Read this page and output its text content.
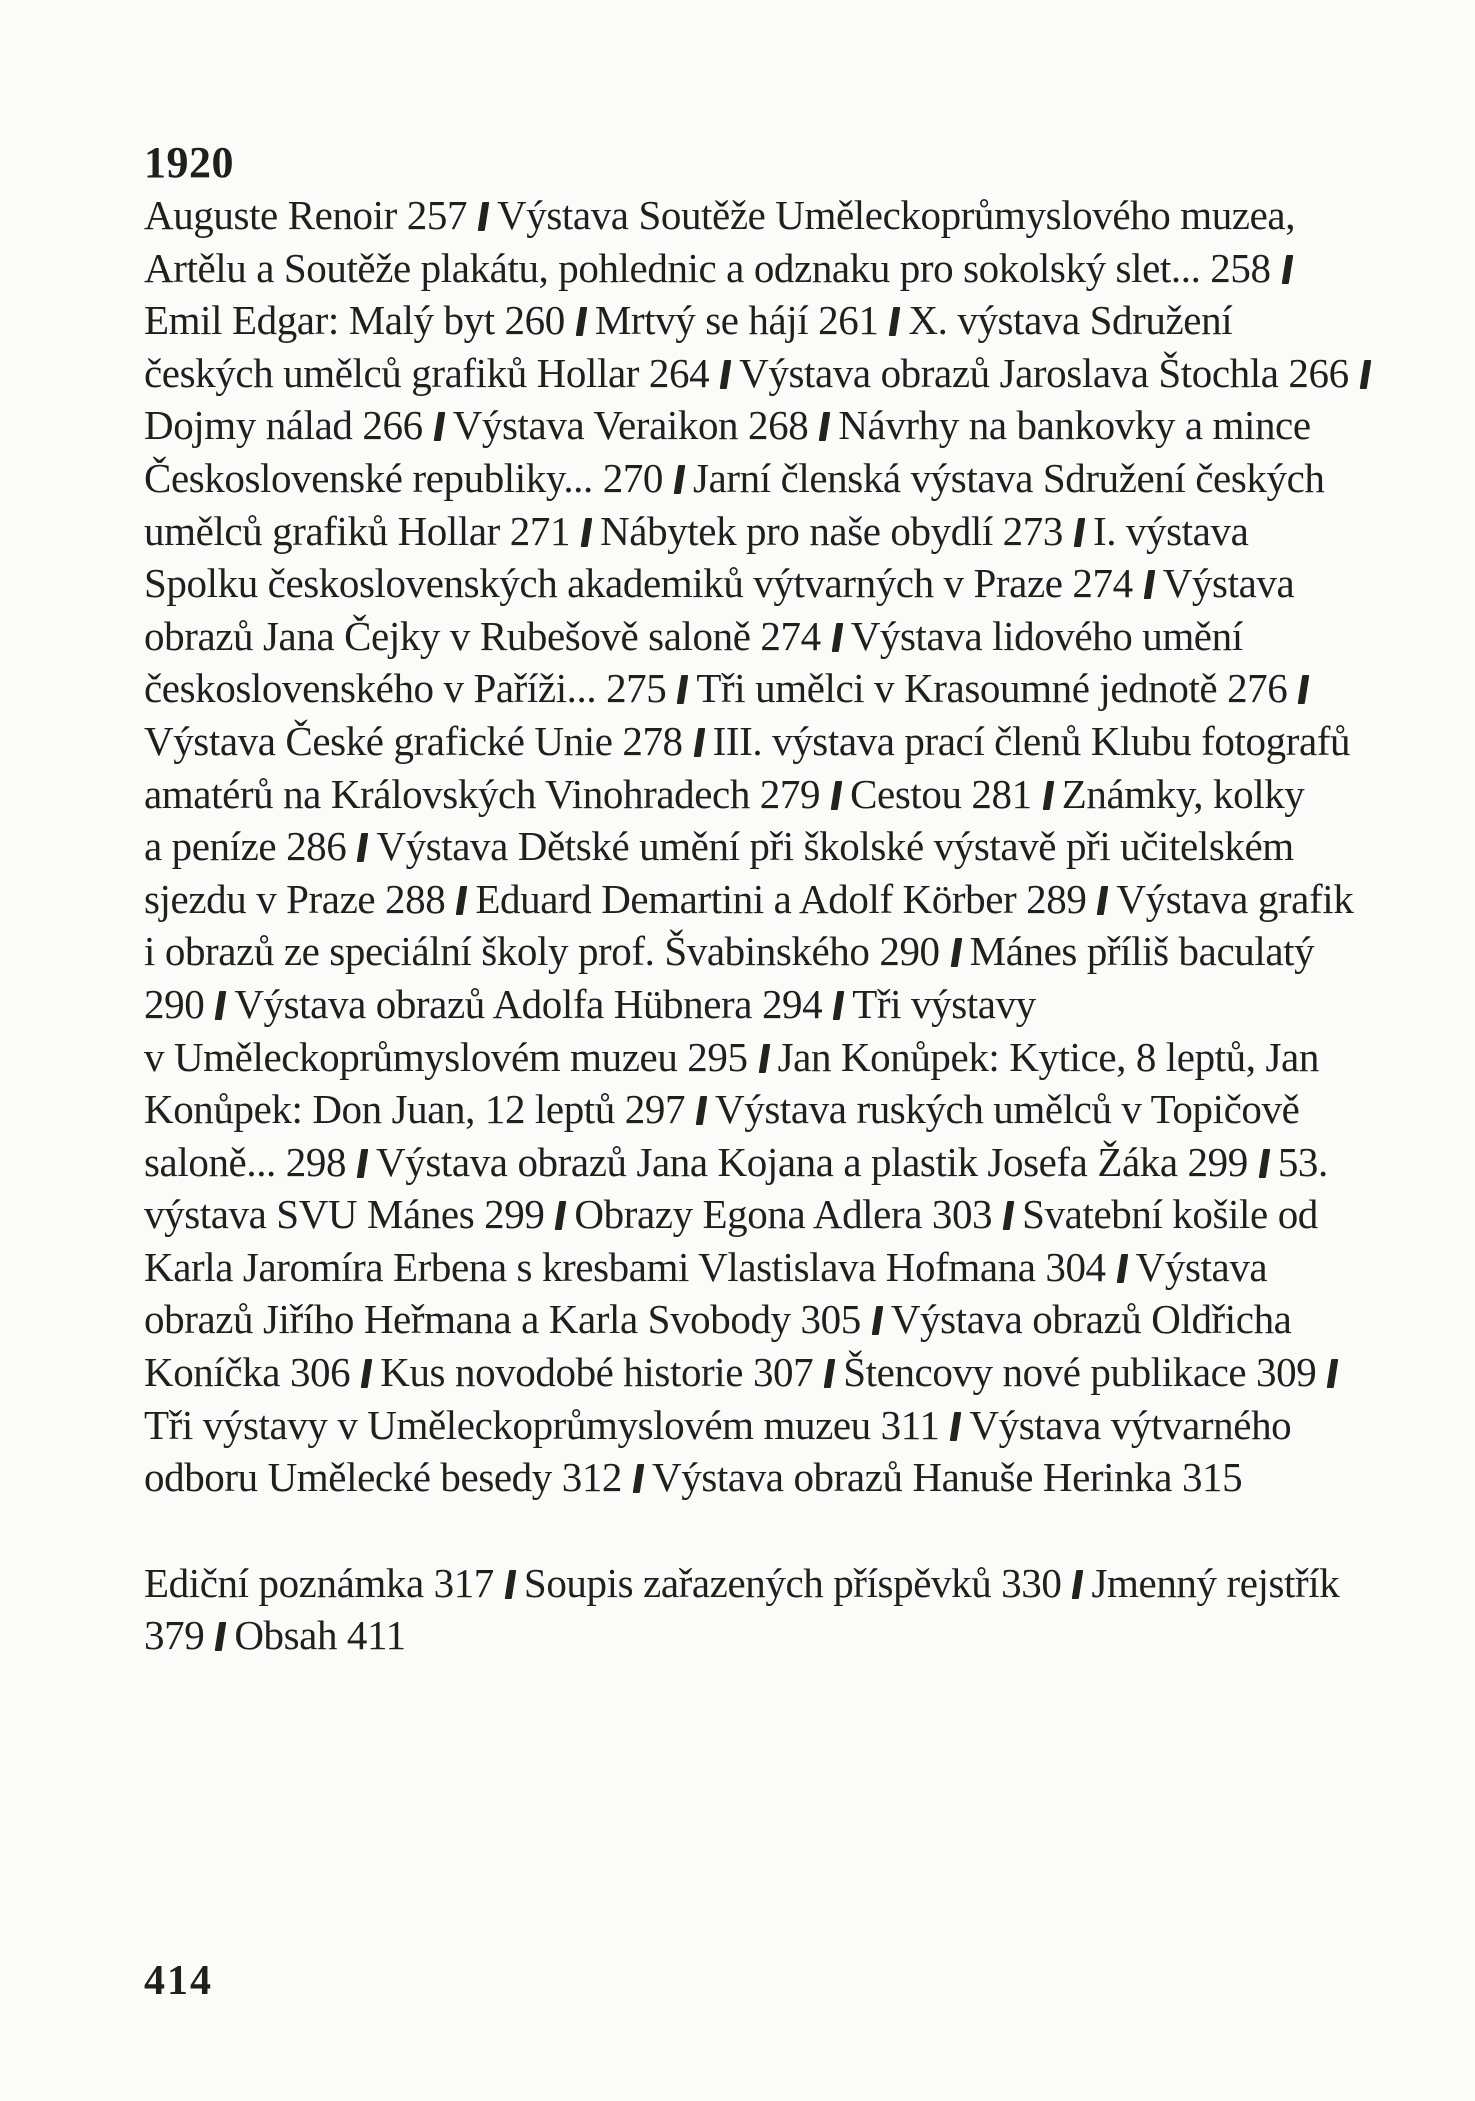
1920
Auguste Renoir 257 Výstava Soutěže Uměleckoprůmyslového muzea,
Artělu a Soutěže plakátu, pohlednic a odznaku pro sokolský slet... 258
Emil Edgar: Malý byt 260 Mrtvý se hájí 261 X. výstava Sdružení
českých umělců grafiků Hollar 264 Výstava obrazů Jaroslava Štochla 266
Dojmy nálad 266 Výstava Veraikon 268 Návrhy na bankovky a mince
Československé republiky... 270 Jarní členská výstava Sdružení českých
umělců grafiků Hollar 271 Nábytek pro naše obydlí 273 I. výstava
Spolku československých akademiků výtvarných v Praze 274 Výstava
obrazů Jana Čejky v Rubešově saloně 274 Výstava lidového umění
československého v Paříži... 275 Tři umělci v Krasoumné jednotě 276
Výstava České grafické Unie 278 III. výstava prací členů Klubu fotografů
amatérů na Královských Vinohradech 279 Cestou 281 Známky, kolky
a peníze 286 Výstava Dětské umění při školské výstavě při učitelském
sjezdu v Praze 288 Eduard Demartini a Adolf Körber 289 Výstava grafik
i obrazů ze speciální školy prof. Švabinského 290 Mánes příliš baculatý
290 Výstava obrazů Adolfa Hübnera 294 Tři výstavy
v Uměleckoprůmyslovém muzeu 295 Jan Konůpek: Kytice, 8 leptů, Jan
Konůpek: Don Juan, 12 leptů 297 Výstava ruských umělců v Topičově
saloně... 298 Výstava obrazů Jana Kojana a plastik Josefa Žáka 299 53.
výstava SVU Mánes 299 Obrazy Egona Adlera 303 Svatební košile od
Karla Jaromíra Erbena s kresbami Vlastislava Hofmana 304 Výstava
obrazů Jiřího Heřmana a Karla Svobody 305 Výstava obrazů Oldřicha
Koníčka 306 Kus novodobé historie 307 Štencovy nové publikace 309
Tři výstavy v Uměleckoprůmyslovém muzeu 311 Výstava výtvarného
odboru Umělecké besedy 312 Výstava obrazů Hanuše Herinka 315
Ediční poznámka 317 Soupis zařazených příspěvků 330 Jmenný rejstřík
379 Obsah 411
414
